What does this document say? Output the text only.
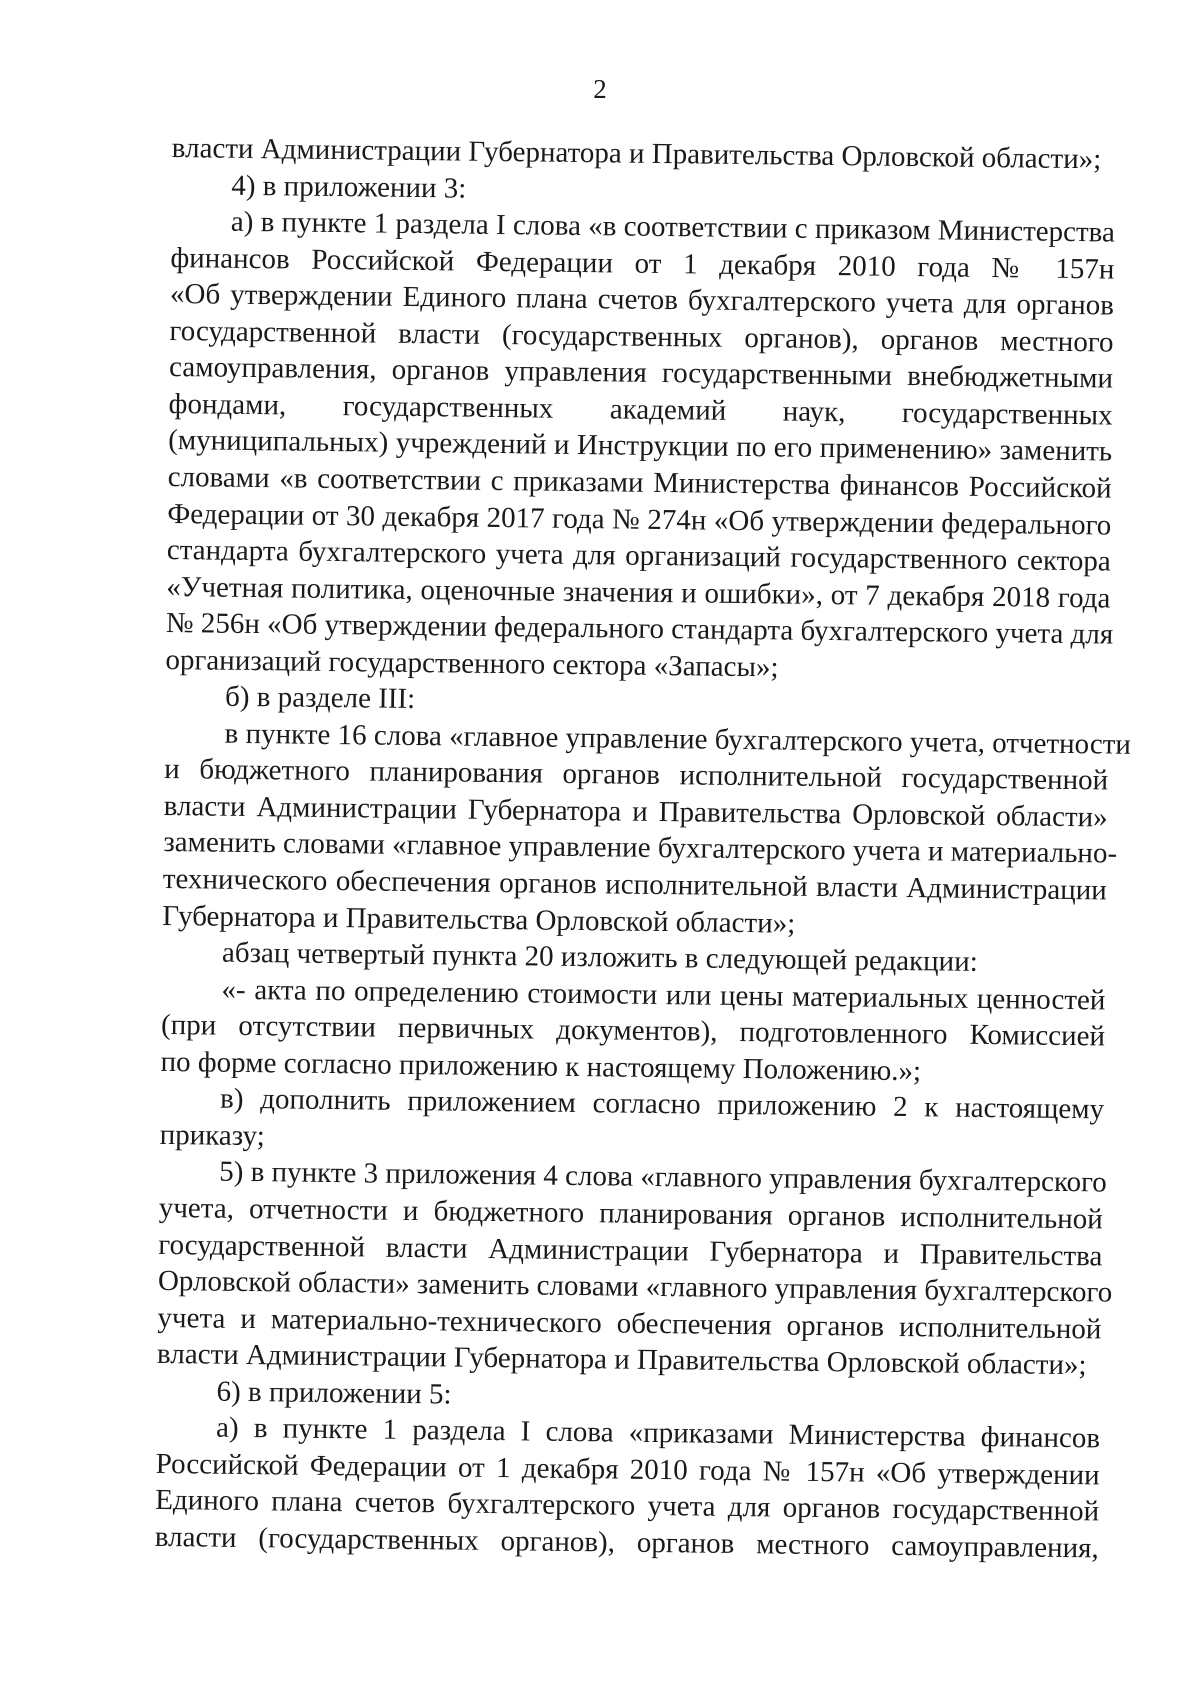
2
власти Администрации Губернатора и Правительства Орловской области»;
4) в приложении 3:
а) в пункте 1 раздела I слова «в соответствии с приказом Министерства
финансов Российской Федерации от 1 декабря 2010 года № 157н
«Об утверждении Единого плана счетов бухгалтерского учета для органов
государственной власти (государственных органов), органов местного
самоуправления, органов управления государственными внебюджетными
фондами, государственных академий наук, государственных
(муниципальных) учреждений и Инструкции по его применению» заменить
словами «в соответствии с приказами Министерства финансов Российской
Федерации от 30 декабря 2017 года № 274н «Об утверждении федерального
стандарта бухгалтерского учета для организаций государственного сектора
«Учетная политика, оценочные значения и ошибки», от 7 декабря 2018 года
№ 256н «Об утверждении федерального стандарта бухгалтерского учета для
организаций государственного сектора «Запасы»;
б) в разделе III:
в пункте 16 слова «главное управление бухгалтерского учета, отчетности
и бюджетного планирования органов исполнительной государственной
власти Администрации Губернатора и Правительства Орловской области»
заменить словами «главное управление бухгалтерского учета и материально-
технического обеспечения органов исполнительной власти Администрации
Губернатора и Правительства Орловской области»;
абзац четвертый пункта 20 изложить в следующей редакции:
«- акта по определению стоимости или цены материальных ценностей
(при отсутствии первичных документов), подготовленного Комиссией
по форме согласно приложению к настоящему Положению.»;
в) дополнить приложением согласно приложению 2 к настоящему
приказу;
5) в пункте 3 приложения 4 слова «главного управления бухгалтерского
учета, отчетности и бюджетного планирования органов исполнительной
государственной власти Администрации Губернатора и Правительства
Орловской области» заменить словами «главного управления бухгалтерского
учета и материально-технического обеспечения органов исполнительной
власти Администрации Губернатора и Правительства Орловской области»;
6) в приложении 5:
а) в пункте 1 раздела I слова «приказами Министерства финансов
Российской Федерации от 1 декабря 2010 года № 157н «Об утверждении
Единого плана счетов бухгалтерского учета для органов государственной
власти (государственных органов), органов местного самоуправления,
